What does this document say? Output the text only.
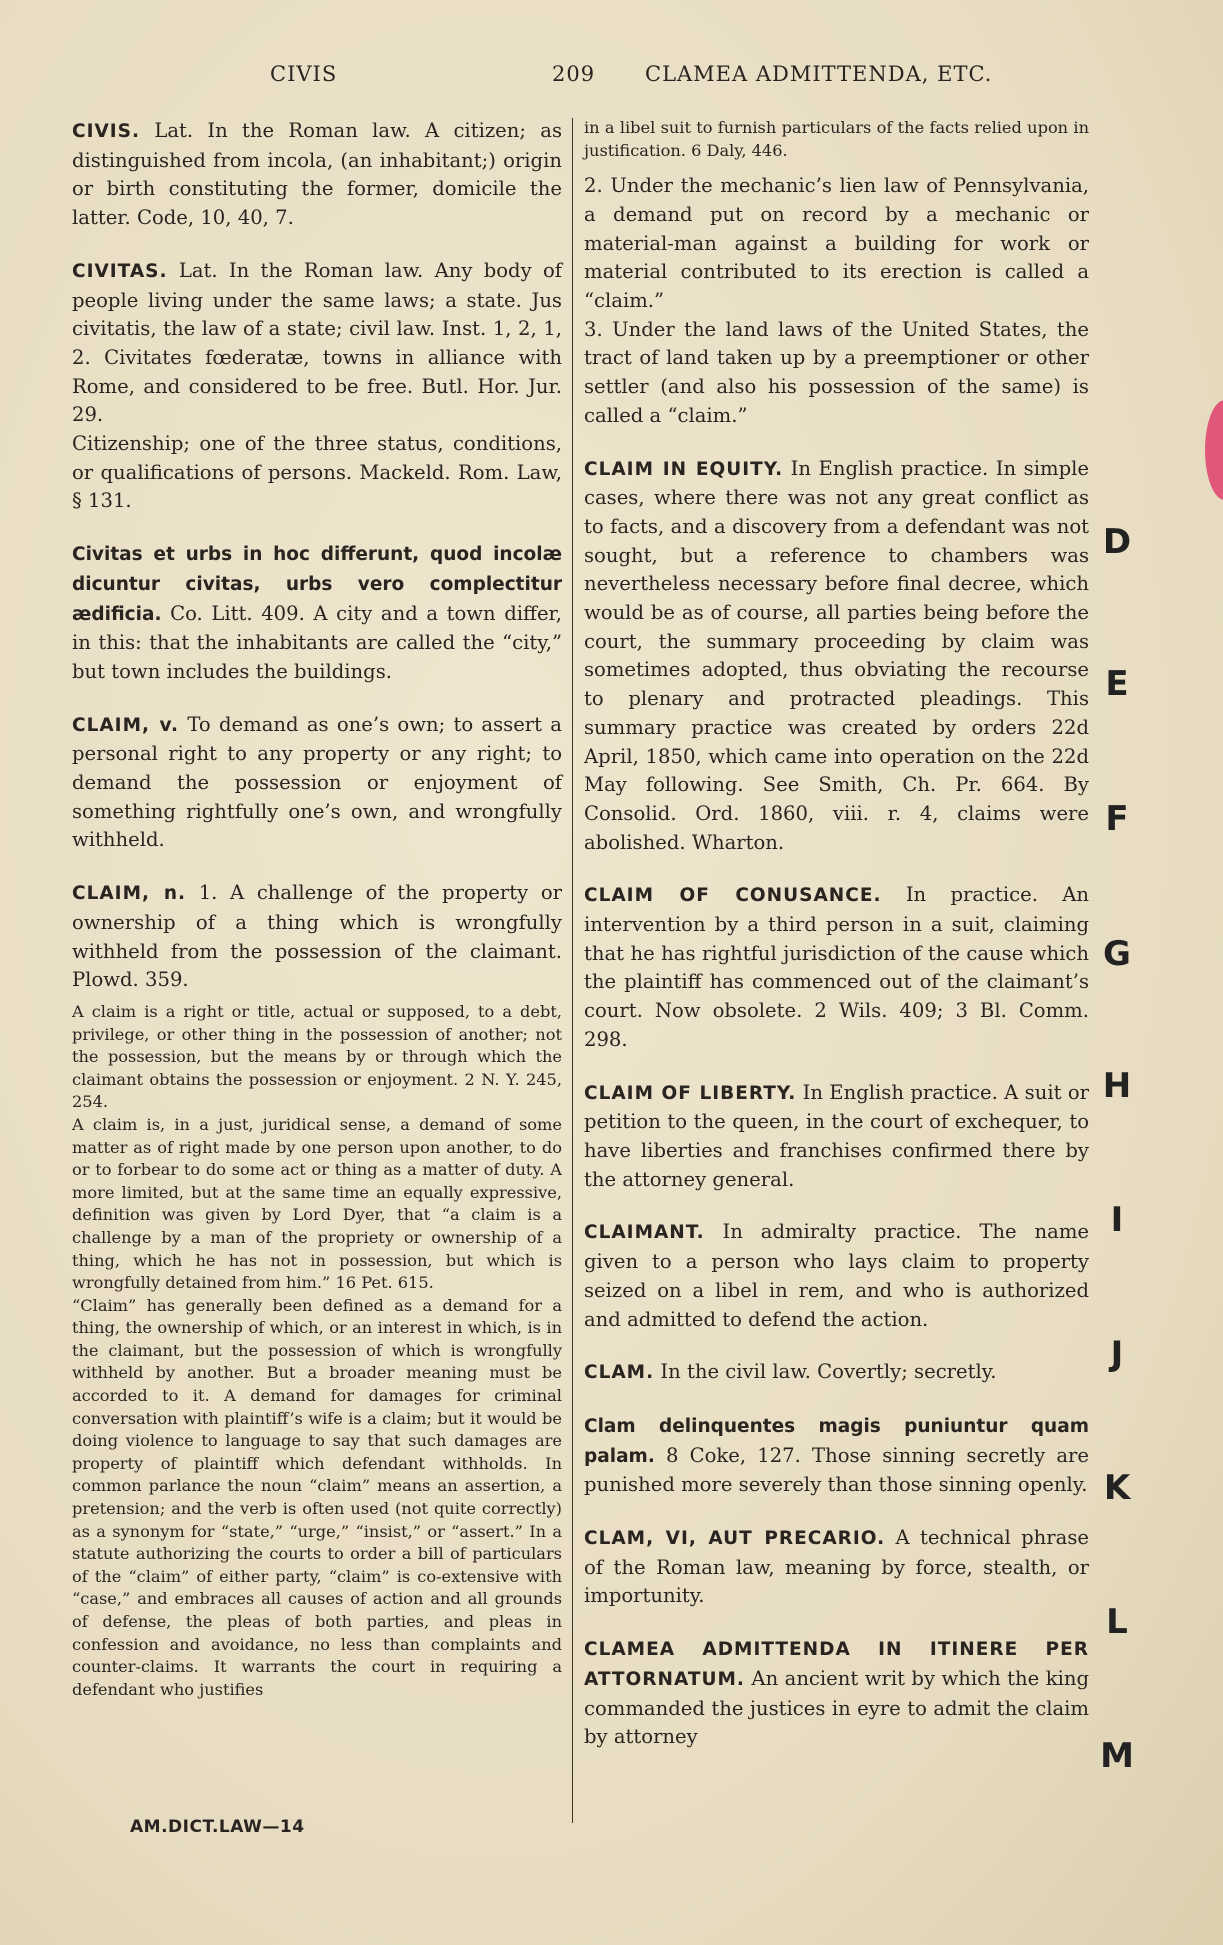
CIVIS	209 CLAMEA ADMITTENDA, ETC.

CIVIS. Lat. In the Roman law. A citizen; as distinguished from incola, (an inhabitant;) origin or birth constituting the former, domicile the latter. Code, 10, 40, 7.

CIVITAS. Lat. In the Roman law. Any body of people living under the same laws; a state. Jus civitatis, the law of a state; civil law. Inst. 1, 2, 1, 2. Civitates fœderatæ, towns in alliance with Rome, and considered to be free. Butl. Hor. Jur. 29.

Citizenship; one of the three status, conditions, or qualifications of persons. Mackeld. Rom. Law, § 131.

Civitas et urbs in hoc differunt, quod incolæ dicuntur civitas, urbs vero complectitur ædificia. Co. Litt. 409. A city and a town differ, in this: that the inhabitants are called the “city,” but town includes the buildings.

CLAIM, v. To demand as one’s own; to assert a personal right to any property or any right; to demand the possession or enjoyment of something rightfully one’s own, and wrongfully withheld.

CLAIM, n. 1. A challenge of the property or ownership of a thing which is wrongfully withheld from the possession of the claimant. Plowd. 359.

A claim is a right or title, actual or supposed, to a debt, privilege, or other thing in the possession of another; not the possession, but the means by or through which the claimant obtains the possession or enjoyment. 2 N. Y. 245, 254.

A claim is, in a just, juridical sense, a demand of some matter as of right made by one person upon another, to do or to forbear to do some act or thing as a matter of duty. A more limited, but at the same time an equally expressive, definition was given by Lord Dyer, that “a claim is a challenge by a man of the propriety or ownership of a thing, which he has not in possession, but which is wrongfully detained from him.” 16 Pet. 615.

“Claim” has generally been defined as a demand for a thing, the ownership of which, or an interest in which, is in the claimant, but the possession of which is wrongfully withheld by another. But a broader meaning must be accorded to it. A demand for damages for criminal conversation with plaintiff’s wife is a claim; but it would be doing violence to language to say that such damages are property of plaintiff which defendant withholds. In common parlance the noun “claim” means an assertion, a pretension; and the verb is often used (not quite correctly) as a synonym for “state,” “urge,” “insist,” or “assert.” In a statute authorizing the courts to order a bill of particulars of the “claim” of either party, “claim” is co-extensive with “case,” and embraces all causes of action and all grounds of defense, the pleas of both parties, and pleas in confession and avoidance, no less than complaints and counter-claims. It warrants the court in requiring a defendant who justifies

in a libel suit to furnish particulars of the facts relied upon in justification. 6 Daly, 446.

2. Under the mechanic’s lien law of Pennsylvania, a demand put on record by a mechanic or material-man against a building for work or material contributed to its erection is called a “claim.”

3. Under the land laws of the United States, the tract of land taken up by a preemptioner or other settler (and also his possession of the same) is called a “claim.”

CLAIM IN EQUITY. In English practice. In simple cases, where there was not any great conflict as to facts, and a discovery from a defendant was not sought, but a reference to chambers was nevertheless necessary before final decree, which would be as of course, all parties being before the court, the summary proceeding by claim was sometimes adopted, thus obviating the recourse to plenary and protracted pleadings. This summary practice was created by orders 22d April, 1850, which came into operation on the 22d May following. See Smith, Ch. Pr. 664. By Consolid. Ord. 1860, viii. r. 4, claims were abolished. Wharton.

CLAIM OF CONUSANCE. In practice. An intervention by a third person in a suit, claiming that he has rightful jurisdiction of the cause which the plaintiff has commenced out of the claimant’s court. Now obsolete. 2 Wils. 409; 3 Bl. Comm. 298.

CLAIM OF LIBERTY. In English practice. A suit or petition to the queen, in the court of exchequer, to have liberties and franchises confirmed there by the attorney general.

CLAIMANT. In admiralty practice. The name given to a person who lays claim to property seized on a libel in rem, and who is authorized and admitted to defend the action.

CLAM. In the civil law. Covertly; secretly.

Clam delinquentes magis puniuntur quam palam. 8 Coke, 127. Those sinning secretly are punished more severely than those sinning openly.

CLAM, VI, AUT PRECARIO. A technical phrase of the Roman law, meaning by force, stealth, or importunity.

CLAMEA ADMITTENDA IN ITINERE PER ATTORNATUM. An ancient writ by which the king commanded the justices in eyre to admit the claim by attorney

AM.DICT.LAW—14
D
E
F
G
H
I
J
K
L
M
